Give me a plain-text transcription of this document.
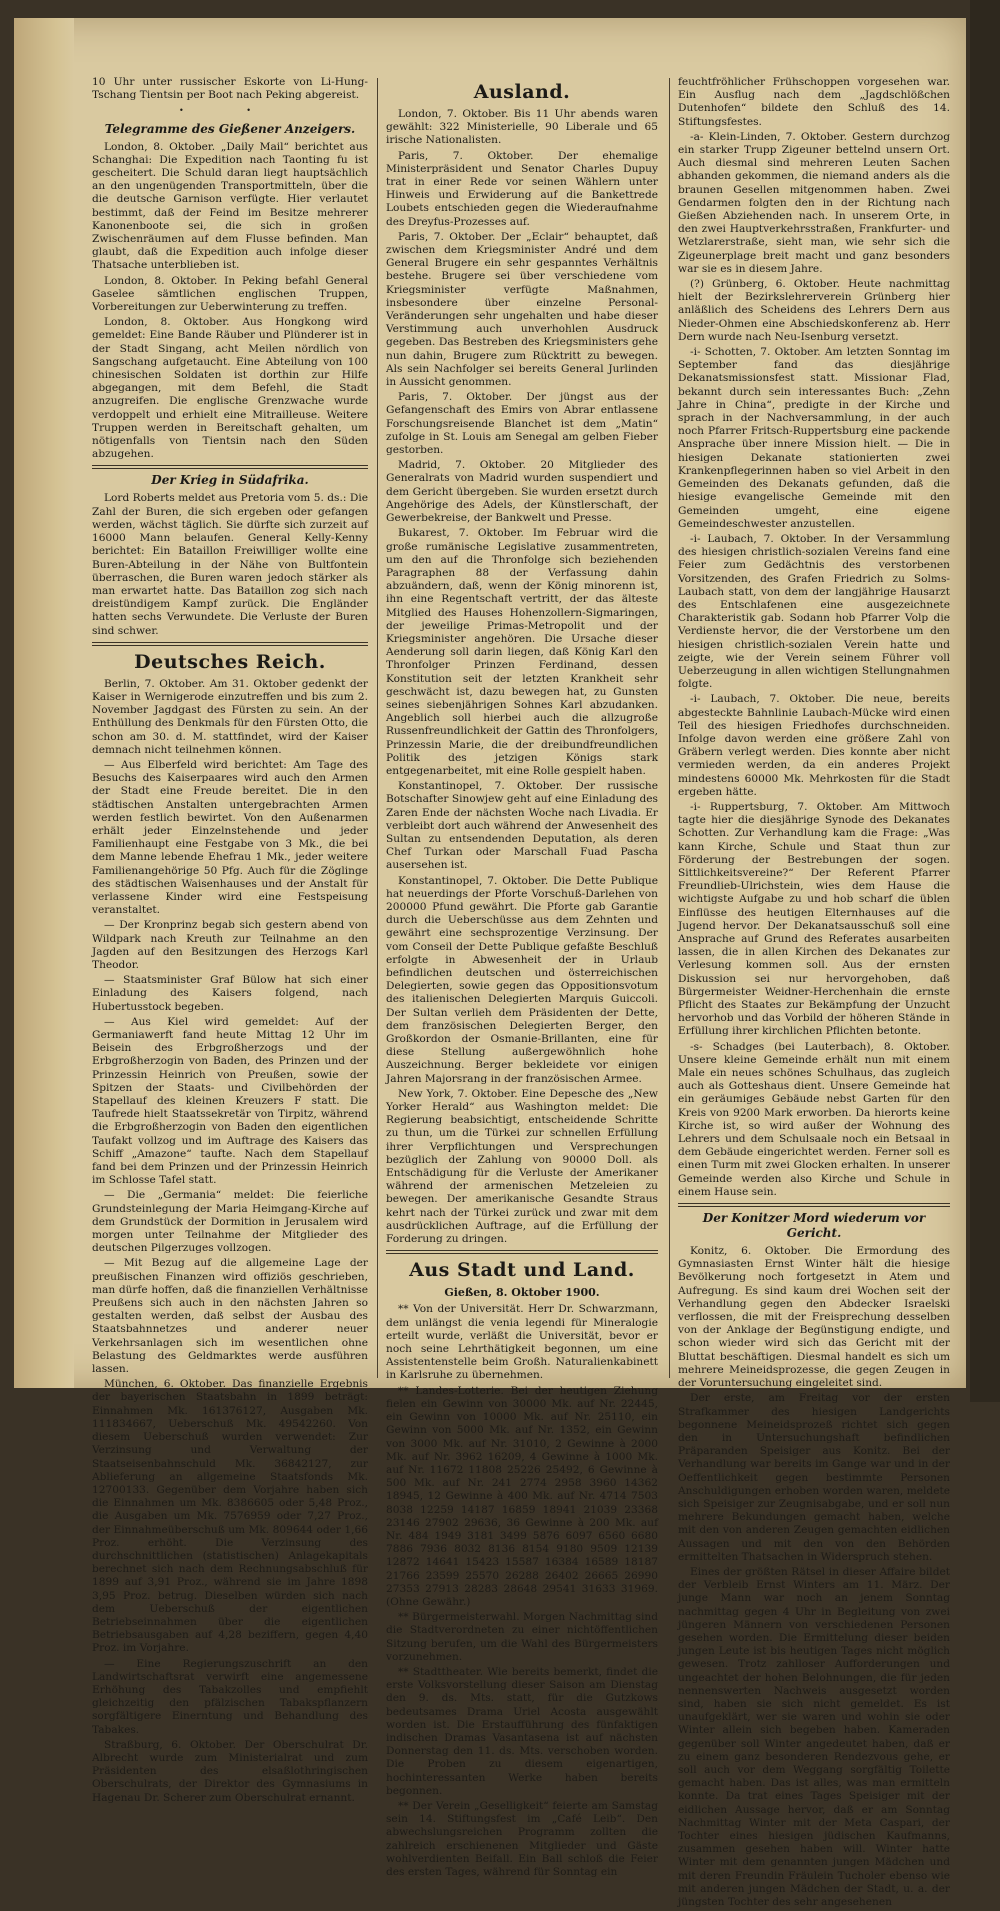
10 Uhr unter russischer Eskorte von Li-Hung-Tschang Tientsin per Boot nach Peking abgereist.

• •
Telegramme des Gießener Anzeigers.

London, 8. Oktober. „Daily Mail“ berichtet aus Schanghai: Die Expedition nach Taonting fu ist gescheitert. Die Schuld daran liegt hauptsächlich an den ungenügenden Transportmitteln, über die die deutsche Garnison verfügte. Hier verlautet bestimmt, daß der Feind im Besitze mehrerer Kanonenboote sei, die sich in großen Zwischenräumen auf dem Flusse befinden. Man glaubt, daß die Expedition auch infolge dieser Thatsache unterblieben ist.

London, 8. Oktober. In Peking befahl General Gaselee sämtlichen englischen Truppen, Vorbereitungen zur Ueberwinterung zu treffen.

London, 8. Oktober. Aus Hongkong wird gemeldet: Eine Bande Räuber und Plünderer ist in der Stadt Singang, acht Meilen nördlich von Sangschang aufgetaucht. Eine Abteilung von 100 chinesischen Soldaten ist dorthin zur Hilfe abgegangen, mit dem Befehl, die Stadt anzugreifen. Die englische Grenzwache wurde verdoppelt und erhielt eine Mitrailleuse. Weitere Truppen werden in Bereitschaft gehalten, um nötigenfalls von Tientsin nach den Süden abzugehen.

Der Krieg in Südafrika.

Lord Roberts meldet aus Pretoria vom 5. ds.: Die Zahl der Buren, die sich ergeben oder gefangen werden, wächst täglich. Sie dürfte sich zurzeit auf 16000 Mann belaufen. General Kelly-Kenny berichtet: Ein Bataillon Freiwilliger wollte eine Buren-Abteilung in der Nähe von Bultfontein überraschen, die Buren waren jedoch stärker als man erwartet hatte. Das Bataillon zog sich nach dreistündigem Kampf zurück. Die Engländer hatten sechs Verwundete. Die Verluste der Buren sind schwer.

Deutsches Reich.

Berlin, 7. Oktober. Am 31. Oktober gedenkt der Kaiser in Wernigerode einzutreffen und bis zum 2. November Jagdgast des Fürsten zu sein. An der Enthüllung des Denkmals für den Fürsten Otto, die schon am 30. d. M. stattfindet, wird der Kaiser demnach nicht teilnehmen können.

— Aus Elberfeld wird berichtet: Am Tage des Besuchs des Kaiserpaares wird auch den Armen der Stadt eine Freude bereitet. Die in den städtischen Anstalten untergebrachten Armen werden festlich bewirtet. Von den Außenarmen erhält jeder Einzelnstehende und jeder Familienhaupt eine Festgabe von 3 Mk., die bei dem Manne lebende Ehefrau 1 Mk., jeder weitere Familienangehörige 50 Pfg. Auch für die Zöglinge des städtischen Waisenhauses und der Anstalt für verlassene Kinder wird eine Festspeisung veranstaltet.

— Der Kronprinz begab sich gestern abend von Wildpark nach Kreuth zur Teilnahme an den Jagden auf den Besitzungen des Herzogs Karl Theodor.

— Staatsminister Graf Bülow hat sich einer Einladung des Kaisers folgend, nach Hubertusstock begeben.

— Aus Kiel wird gemeldet: Auf der Germaniawerft fand heute Mittag 12 Uhr im Beisein des Erbgroßherzogs und der Erbgroßherzogin von Baden, des Prinzen und der Prinzessin Heinrich von Preußen, sowie der Spitzen der Staats- und Civilbehörden der Stapellauf des kleinen Kreuzers F statt. Die Taufrede hielt Staatssekretär von Tirpitz, während die Erbgroßherzogin von Baden den eigentlichen Taufakt vollzog und im Auftrage des Kaisers das Schiff „Amazone“ taufte. Nach dem Stapellauf fand bei dem Prinzen und der Prinzessin Heinrich im Schlosse Tafel statt.

— Die „Germania“ meldet: Die feierliche Grundsteinlegung der Maria Heimgang-Kirche auf dem Grundstück der Dormition in Jerusalem wird morgen unter Teilnahme der Mitglieder des deutschen Pilgerzuges vollzogen.

— Mit Bezug auf die allgemeine Lage der preußischen Finanzen wird offiziös geschrieben, man dürfe hoffen, daß die finanziellen Verhältnisse Preußens sich auch in den nächsten Jahren so gestalten werden, daß selbst der Ausbau des Staatsbahnnetzes und anderer neuer Verkehrsanlagen sich im wesentlichen ohne Belastung des Geldmarktes werde ausführen lassen.

München, 6. Oktober. Das finanzielle Ergebnis der bayerischen Staatsbahn in 1899 beträgt: Einnahmen Mk. 161376127, Ausgaben Mk. 111834667, Ueberschuß Mk. 49542260. Von diesem Ueberschuß wurden verwendet: Zur Verzinsung und Verwaltung der Staatseisenbahnschuld Mk. 36842127, zur Ablieferung an allgemeine Staatsfonds Mk. 12700133. Gegenüber dem Vorjahre haben sich die Einnahmen um Mk. 8386605 oder 5,48 Proz., die Ausgaben um Mk. 7576959 oder 7,27 Proz., der Einnahmeüberschuß um Mk. 809644 oder 1,66 Proz. erhöht. Die Verzinsung des durchschnittlichen (statistischen) Anlagekapitals berechnet sich nach dem Rechnungsabschluß für 1899 auf 3,91 Proz., während sie im Jahre 1898 3,95 Proz. betrug. Dieselben würden sich nach dem Ueberschuß der eigentlichen Betriebseinnahmen über die eigentlichen Betriebsausgaben auf 4,28 beziffern, gegen 4,40 Proz. im Vorjahre.

— Eine Regierungszuschrift an den Landwirtschaftsrat verwirft eine angemessene Erhöhung des Tabakzolles und empfiehlt gleichzeitig den pfälzischen Tabakspflanzern sorgfältigere Einerntung und Behandlung des Tabakes.

Straßburg, 6. Oktober. Der Oberschulrat Dr. Albrecht wurde zum Ministerialrat und zum Präsidenten des elsaßlothringischen Oberschulrats, der Direktor des Gymnasiums in Hagenau Dr. Scherer zum Oberschulrat ernannt.

Ausland.

London, 7. Oktober. Bis 11 Uhr abends waren gewählt: 322 Ministerielle, 90 Liberale und 65 irische Nationalisten.

Paris, 7. Oktober. Der ehemalige Ministerpräsident und Senator Charles Dupuy trat in einer Rede vor seinen Wählern unter Hinweis und Erwiderung auf die Bankettrede Loubets entschieden gegen die Wiederaufnahme des Dreyfus-Prozesses auf.

Paris, 7. Oktober. Der „Eclair“ behauptet, daß zwischen dem Kriegsminister André und dem General Brugere ein sehr gespanntes Verhältnis bestehe. Brugere sei über verschiedene vom Kriegsminister verfügte Maßnahmen, insbesondere über einzelne Personal-Veränderungen sehr ungehalten und habe dieser Verstimmung auch unverhohlen Ausdruck gegeben. Das Bestreben des Kriegsministers gehe nun dahin, Brugere zum Rücktritt zu bewegen. Als sein Nachfolger sei bereits General Jurlinden in Aussicht genommen.

Paris, 7. Oktober. Der jüngst aus der Gefangenschaft des Emirs von Abrar entlassene Forschungsreisende Blanchet ist dem „Matin“ zufolge in St. Louis am Senegal am gelben Fieber gestorben.

Madrid, 7. Oktober. 20 Mitglieder des Generalrats von Madrid wurden suspendiert und dem Gericht übergeben. Sie wurden ersetzt durch Angehörige des Adels, der Künstlerschaft, der Gewerbekreise, der Bankwelt und Presse.

Bukarest, 7. Oktober. Im Februar wird die große rumänische Legislative zusammentreten, um den auf die Thronfolge sich beziehenden Paragraphen 88 der Verfassung dahin abzuändern, daß, wenn der König minorenn ist, ihn eine Regentschaft vertritt, der das älteste Mitglied des Hauses Hohenzollern-Sigmaringen, der jeweilige Primas-Metropolit und der Kriegsminister angehören. Die Ursache dieser Aenderung soll darin liegen, daß König Karl den Thronfolger Prinzen Ferdinand, dessen Konstitution seit der letzten Krankheit sehr geschwächt ist, dazu bewegen hat, zu Gunsten seines siebenjährigen Sohnes Karl abzudanken. Angeblich soll hierbei auch die allzugroße Russenfreundlichkeit der Gattin des Thronfolgers, Prinzessin Marie, die der dreibundfreundlichen Politik des jetzigen Königs stark entgegenarbeitet, mit eine Rolle gespielt haben.

Konstantinopel, 7. Oktober. Der russische Botschafter Sinowjew geht auf eine Einladung des Zaren Ende der nächsten Woche nach Livadia. Er verbleibt dort auch während der Anwesenheit des Sultan zu entsendenden Deputation, als deren Chef Turkan oder Marschall Fuad Pascha ausersehen ist.

Konstantinopel, 7. Oktober. Die Dette Publique hat neuerdings der Pforte Vorschuß-Darlehen von 200000 Pfund gewährt. Die Pforte gab Garantie durch die Ueberschüsse aus dem Zehnten und gewährt eine sechsprozentige Verzinsung. Der vom Conseil der Dette Publique gefaßte Beschluß erfolgte in Abwesenheit der in Urlaub befindlichen deutschen und österreichischen Delegierten, sowie gegen das Oppositionsvotum des italienischen Delegierten Marquis Guiccoli. Der Sultan verlieh dem Präsidenten der Dette, dem französischen Delegierten Berger, den Großkordon der Osmanie-Brillanten, eine für diese Stellung außergewöhnlich hohe Auszeichnung. Berger bekleidete vor einigen Jahren Majorsrang in der französischen Armee.

New York, 7. Oktober. Eine Depesche des „New Yorker Herald“ aus Washington meldet: Die Regierung beabsichtigt, entscheidende Schritte zu thun, um die Türkei zur schnellen Erfüllung ihrer Verpflichtungen und Versprechungen bezüglich der Zahlung von 90000 Doll. als Entschädigung für die Verluste der Amerikaner während der armenischen Metzeleien zu bewegen. Der amerikanische Gesandte Straus kehrt nach der Türkei zurück und zwar mit dem ausdrücklichen Auftrage, auf die Erfüllung der Forderung zu dringen.

Aus Stadt und Land.
Gießen, 8. Oktober 1900.

** Von der Universität. Herr Dr. Schwarzmann, dem unlängst die venia legendi für Mineralogie erteilt wurde, verläßt die Universität, bevor er noch seine Lehrthätigkeit begonnen, um eine Assistentenstelle beim Großh. Naturalienkabinett in Karlsruhe zu übernehmen.

** Landes-Lotterie. Bei der heutigen Ziehung fielen ein Gewinn von 30000 Mk. auf Nr. 22445, ein Gewinn von 10000 Mk. auf Nr. 25110, ein Gewinn von 5000 Mk. auf Nr. 1352, ein Gewinn von 3000 Mk. auf Nr. 31010, 2 Gewinne à 2000 Mk. auf Nr. 3962 16209, 4 Gewinne à 1000 Mk. auf Nr. 11672 11808 25226 25492, 6 Gewinne à 500 Mk. auf Nr. 241 2774 2958 3960 14362 18945, 12 Gewinne à 400 Mk. auf Nr. 4714 7503 8038 12259 14187 16859 18941 21039 23368 23146 27902 29636, 36 Gewinne à 200 Mk. auf Nr. 484 1949 3181 3499 5876 6097 6560 6680 7886 7936 8032 8136 8154 9180 9509 12139 12872 14641 15423 15587 16384 16589 18187 21766 23599 25570 26288 26402 26665 26990 27353 27913 28283 28648 29541 31633 31969. (Ohne Gewähr.)

** Bürgermeisterwahl. Morgen Nachmittag sind die Stadtverordneten zu einer nichtöffentlichen Sitzung berufen, um die Wahl des Bürgermeisters vorzunehmen.

** Stadttheater. Wie bereits bemerkt, findet die erste Volksvorstellung dieser Saison am Dienstag den 9. ds. Mts. statt, für die Gutzkows bedeutsames Drama Uriel Acosta ausgewählt worden ist. Die Erstaufführung des fünfaktigen indischen Dramas Vasantasena ist auf nächsten Donnerstag den 11. ds. Mts. verschoben worden. Die Proben zu diesem eigenartigen, hochinteressanten Werke haben bereits begonnen.

** Der Verein „Geselligkeit“ feierte am Samstag sein 14. Stiftungsfest im „Café Leib“. Den abwechslungsreichen Programm zollten die zahlreich erschienenen Mitglieder und Gäste wohlverdienten Beifall. Ein Ball schloß die Feier des ersten Tages, während für Sonntag ein

feuchtfröhlicher Frühschoppen vorgesehen war. Ein Ausflug nach dem „Jagdschlößchen Dutenhofen“ bildete den Schluß des 14. Stiftungsfestes.

-a- Klein-Linden, 7. Oktober. Gestern durchzog ein starker Trupp Zigeuner bettelnd unsern Ort. Auch diesmal sind mehreren Leuten Sachen abhanden gekommen, die niemand anders als die braunen Gesellen mitgenommen haben. Zwei Gendarmen folgten den in der Richtung nach Gießen Abziehenden nach. In unserem Orte, in den zwei Hauptverkehrsstraßen, Frankfurter- und Wetzlarerstraße, sieht man, wie sehr sich die Zigeunerplage breit macht und ganz besonders war sie es in diesem Jahre.

(?) Grünberg, 6. Oktober. Heute nachmittag hielt der Bezirkslehrerverein Grünberg hier anläßlich des Scheidens des Lehrers Dern aus Nieder-Ohmen eine Abschiedskonferenz ab. Herr Dern wurde nach Neu-Isenburg versetzt.

-i- Schotten, 7. Oktober. Am letzten Sonntag im September fand das diesjährige Dekanatsmissionsfest statt. Missionar Flad, bekannt durch sein interessantes Buch: „Zehn Jahre in China“, predigte in der Kirche und sprach in der Nachversammlung, in der auch noch Pfarrer Fritsch-Ruppertsburg eine packende Ansprache über innere Mission hielt. — Die in hiesigen Dekanate stationierten zwei Krankenpflegerinnen haben so viel Arbeit in den Gemeinden des Dekanats gefunden, daß die hiesige evangelische Gemeinde mit den Gemeinden umgeht, eine eigene Gemeindeschwester anzustellen.

-i- Laubach, 7. Oktober. In der Versammlung des hiesigen christlich-sozialen Vereins fand eine Feier zum Gedächtnis des verstorbenen Vorsitzenden, des Grafen Friedrich zu Solms-Laubach statt, von dem der langjährige Hausarzt des Entschlafenen eine ausgezeichnete Charakteristik gab. Sodann hob Pfarrer Volp die Verdienste hervor, die der Verstorbene um den hiesigen christlich-sozialen Verein hatte und zeigte, wie der Verein seinem Führer voll Ueberzeugung in allen wichtigen Stellungnahmen folgte.

-i- Laubach, 7. Oktober. Die neue, bereits abgesteckte Bahnlinie Laubach-Mücke wird einen Teil des hiesigen Friedhofes durchschneiden. Infolge davon werden eine größere Zahl von Gräbern verlegt werden. Dies konnte aber nicht vermieden werden, da ein anderes Projekt mindestens 60000 Mk. Mehrkosten für die Stadt ergeben hätte.

-i- Ruppertsburg, 7. Oktober. Am Mittwoch tagte hier die diesjährige Synode des Dekanates Schotten. Zur Verhandlung kam die Frage: „Was kann Kirche, Schule und Staat thun zur Förderung der Bestrebungen der sogen. Sittlichkeitsvereine?“ Der Referent Pfarrer Freundlieb-Ulrichstein, wies dem Hause die wichtigste Aufgabe zu und hob scharf die üblen Einflüsse des heutigen Elternhauses auf die Jugend hervor. Der Dekanatsausschuß soll eine Ansprache auf Grund des Referates ausarbeiten lassen, die in allen Kirchen des Dekanates zur Verlesung kommen soll. Aus der ernsten Diskussion sei nur hervorgehoben, daß Bürgermeister Weidner-Herchenhain die ernste Pflicht des Staates zur Bekämpfung der Unzucht hervorhob und das Vorbild der höheren Stände in Erfüllung ihrer kirchlichen Pflichten betonte.

-s- Schadges (bei Lauterbach), 8. Oktober. Unsere kleine Gemeinde erhält nun mit einem Male ein neues schönes Schulhaus, das zugleich auch als Gotteshaus dient. Unsere Gemeinde hat ein geräumiges Gebäude nebst Garten für den Kreis von 9200 Mark erworben. Da hierorts keine Kirche ist, so wird außer der Wohnung des Lehrers und dem Schulsaale noch ein Betsaal in dem Gebäude eingerichtet werden. Ferner soll es einen Turm mit zwei Glocken erhalten. In unserer Gemeinde werden also Kirche und Schule in einem Hause sein.

Der Konitzer Mord wiederum vor Gericht.

Konitz, 6. Oktober. Die Ermordung des Gymnasiasten Ernst Winter hält die hiesige Bevölkerung noch fortgesetzt in Atem und Aufregung. Es sind kaum drei Wochen seit der Verhandlung gegen den Abdecker Israelski verflossen, die mit der Freisprechung desselben von der Anklage der Begünstigung endigte, und schon wieder wird sich das Gericht mit der Bluttat beschäftigen. Diesmal handelt es sich um mehrere Meineidsprozesse, die gegen Zeugen in der Voruntersuchung eingeleitet sind.

Der erste, am Freitag vor der ersten Strafkammer des hiesigen Landgerichts begonnene Meineidsprozeß richtet sich gegen den in Untersuchungshaft befindlichen Präparanden Speisiger aus Konitz. Bei der Verhandlung war bereits im Gange war und in der Oeffentlichkeit gegen bestimmte Personen Anschuldigungen erhoben worden waren, meldete sich Speisiger zur Zeugnisabgabe, und er soll nun mehrere Bekundungen gemacht haben, welche mit den von anderen Zeugen gemachten eidlichen Aussagen und mit den von den Behörden ermittelten Thatsachen in Widerspruch stehen.

Eines der größten Rätsel in dieser Affaire bildet der Verbleib Ernst Winters am 11. März. Der junge Mann war noch an jenem Sonntag nachmittag gegen 4 Uhr in Begleitung von zwei jüngeren Männern von verschiedenen Personen gesehen worden. Die Ermittelung dieser beiden jungen Leute ist bis heutigen Tages nicht möglich gewesen. Trotz zahlloser Aufforderungen und ungeachtet der hohen Belohnungen, die für jeden nennenswerten Nachweis ausgesetzt worden sind, haben sie sich nicht gemeldet. Es ist unaufgeklärt, wer sie waren und wohin sie oder Winter allein sich begeben haben. Kameraden gegenüber soll Winter angedeutet haben, daß er zu einem ganz besonderen Rendezvous gehe, er soll auch vor dem Weggang sorgfältig Toilette gemacht haben. Das ist alles, was man ermitteln konnte. Da trat eines Tages Speisiger mit der eidlichen Aussage hervor, daß er am Sonntag Nachmittag Winter mit der Meta Caspari, der Tochter eines hiesigen jüdischen Kaufmanns, zusammen gesehen haben will. Winter hatte Winter mit dem genannten jungen Mädchen und mit deren Freundin Fräulein Tucholer ebenso wie mit anderen jungen Mädchen der Stadt, u. a. der jüngsten Tochter des sehr angesehenen
